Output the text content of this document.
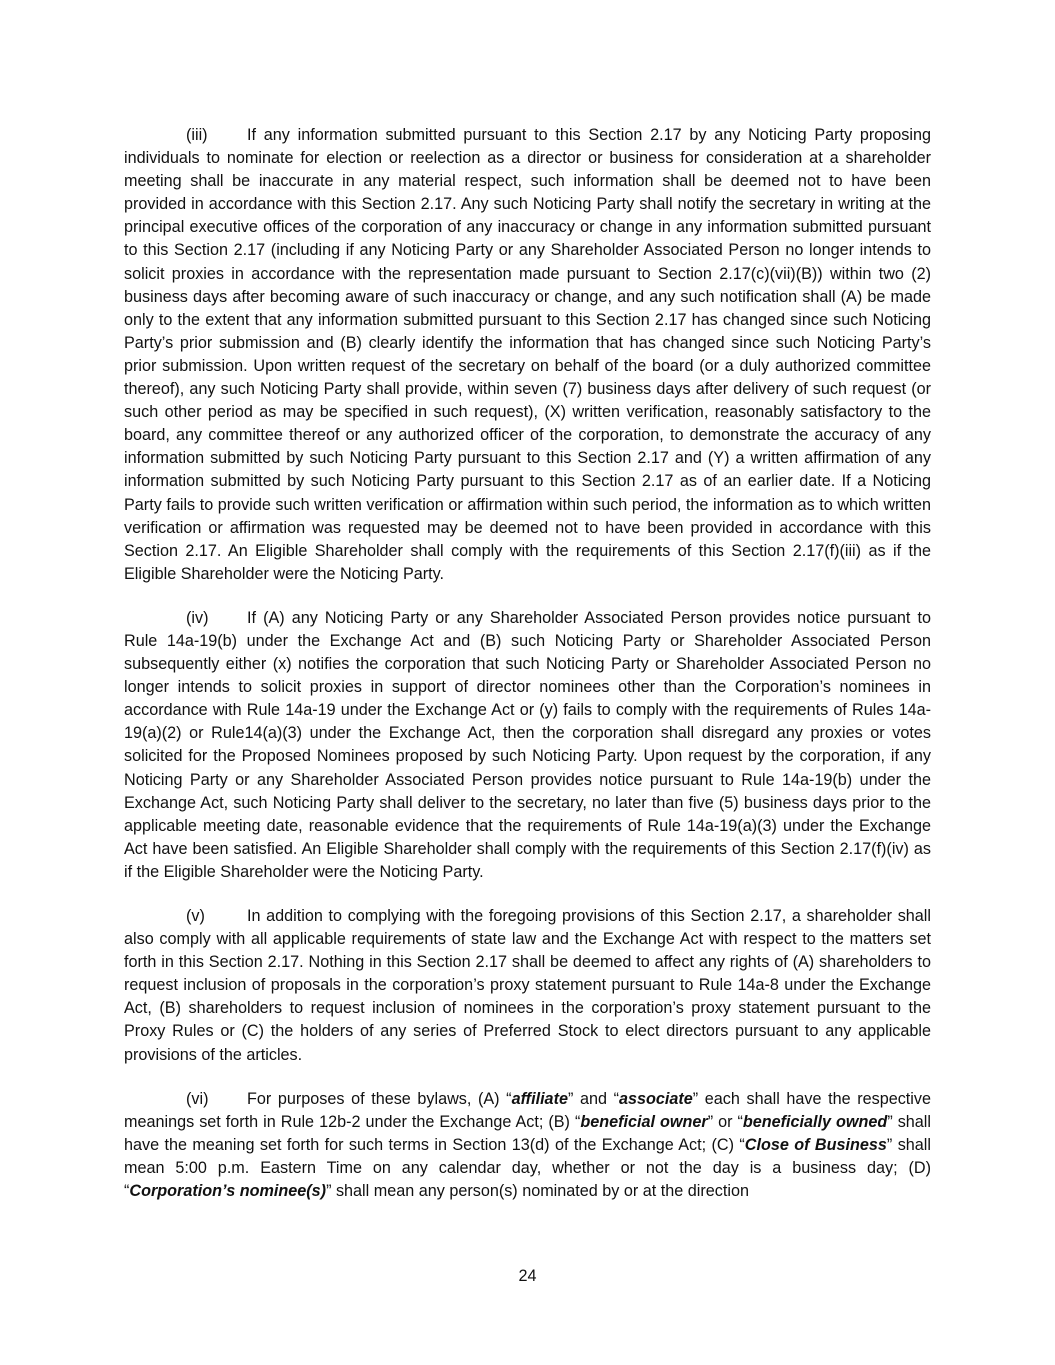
(iii) If any information submitted pursuant to this Section 2.17 by any Noticing Party proposing individuals to nominate for election or reelection as a director or business for consideration at a shareholder meeting shall be inaccurate in any material respect, such information shall be deemed not to have been provided in accordance with this Section 2.17. Any such Noticing Party shall notify the secretary in writing at the principal executive offices of the corporation of any inaccuracy or change in any information submitted pursuant to this Section 2.17 (including if any Noticing Party or any Shareholder Associated Person no longer intends to solicit proxies in accordance with the representation made pursuant to Section 2.17(c)(vii)(B)) within two (2) business days after becoming aware of such inaccuracy or change, and any such notification shall (A) be made only to the extent that any information submitted pursuant to this Section 2.17 has changed since such Noticing Party’s prior submission and (B) clearly identify the information that has changed since such Noticing Party’s prior submission. Upon written request of the secretary on behalf of the board (or a duly authorized committee thereof), any such Noticing Party shall provide, within seven (7) business days after delivery of such request (or such other period as may be specified in such request), (X) written verification, reasonably satisfactory to the board, any committee thereof or any authorized officer of the corporation, to demonstrate the accuracy of any information submitted by such Noticing Party pursuant to this Section 2.17 and (Y) a written affirmation of any information submitted by such Noticing Party pursuant to this Section 2.17 as of an earlier date. If a Noticing Party fails to provide such written verification or affirmation within such period, the information as to which written verification or affirmation was requested may be deemed not to have been provided in accordance with this Section 2.17. An Eligible Shareholder shall comply with the requirements of this Section 2.17(f)(iii) as if the Eligible Shareholder were the Noticing Party.

(iv) If (A) any Noticing Party or any Shareholder Associated Person provides notice pursuant to Rule 14a-19(b) under the Exchange Act and (B) such Noticing Party or Shareholder Associated Person subsequently either (x) notifies the corporation that such Noticing Party or Shareholder Associated Person no longer intends to solicit proxies in support of director nominees other than the Corporation’s nominees in accordance with Rule 14a-19 under the Exchange Act or (y) fails to comply with the requirements of Rules 14a-19(a)(2) or Rule14(a)(3) under the Exchange Act, then the corporation shall disregard any proxies or votes solicited for the Proposed Nominees proposed by such Noticing Party. Upon request by the corporation, if any Noticing Party or any Shareholder Associated Person provides notice pursuant to Rule 14a-19(b) under the Exchange Act, such Noticing Party shall deliver to the secretary, no later than five (5) business days prior to the applicable meeting date, reasonable evidence that the requirements of Rule 14a-19(a)(3) under the Exchange Act have been satisfied. An Eligible Shareholder shall comply with the requirements of this Section 2.17(f)(iv) as if the Eligible Shareholder were the Noticing Party.

(v)	In addition to complying with the foregoing provisions of this Section 2.17, a shareholder shall also comply with all applicable requirements of state law and the Exchange Act with respect to the matters set forth in this Section 2.17. Nothing in this Section 2.17 shall be deemed to affect any rights of (A) shareholders to request inclusion of proposals in the corporation’s proxy statement pursuant to Rule 14a-8 under the Exchange Act, (B) shareholders to request inclusion of nominees in the corporation’s proxy statement pursuant to the Proxy Rules or (C) the holders of any series of Preferred Stock to elect directors pursuant to any applicable provisions of the articles.

(vi) For purposes of these bylaws, (A) “affiliate” and “associate” each shall have the respective meanings set forth in Rule 12b-2 under the Exchange Act; (B) “beneficial owner” or “beneficially owned” shall have the meaning set forth for such terms in Section 13(d) of the Exchange Act; (C) “Close of Business” shall mean 5:00 p.m. Eastern Time on any calendar day, whether or not the day is a business day; (D) “Corporation’s nominee(s)” shall mean any person(s) nominated by or at the direction

24
